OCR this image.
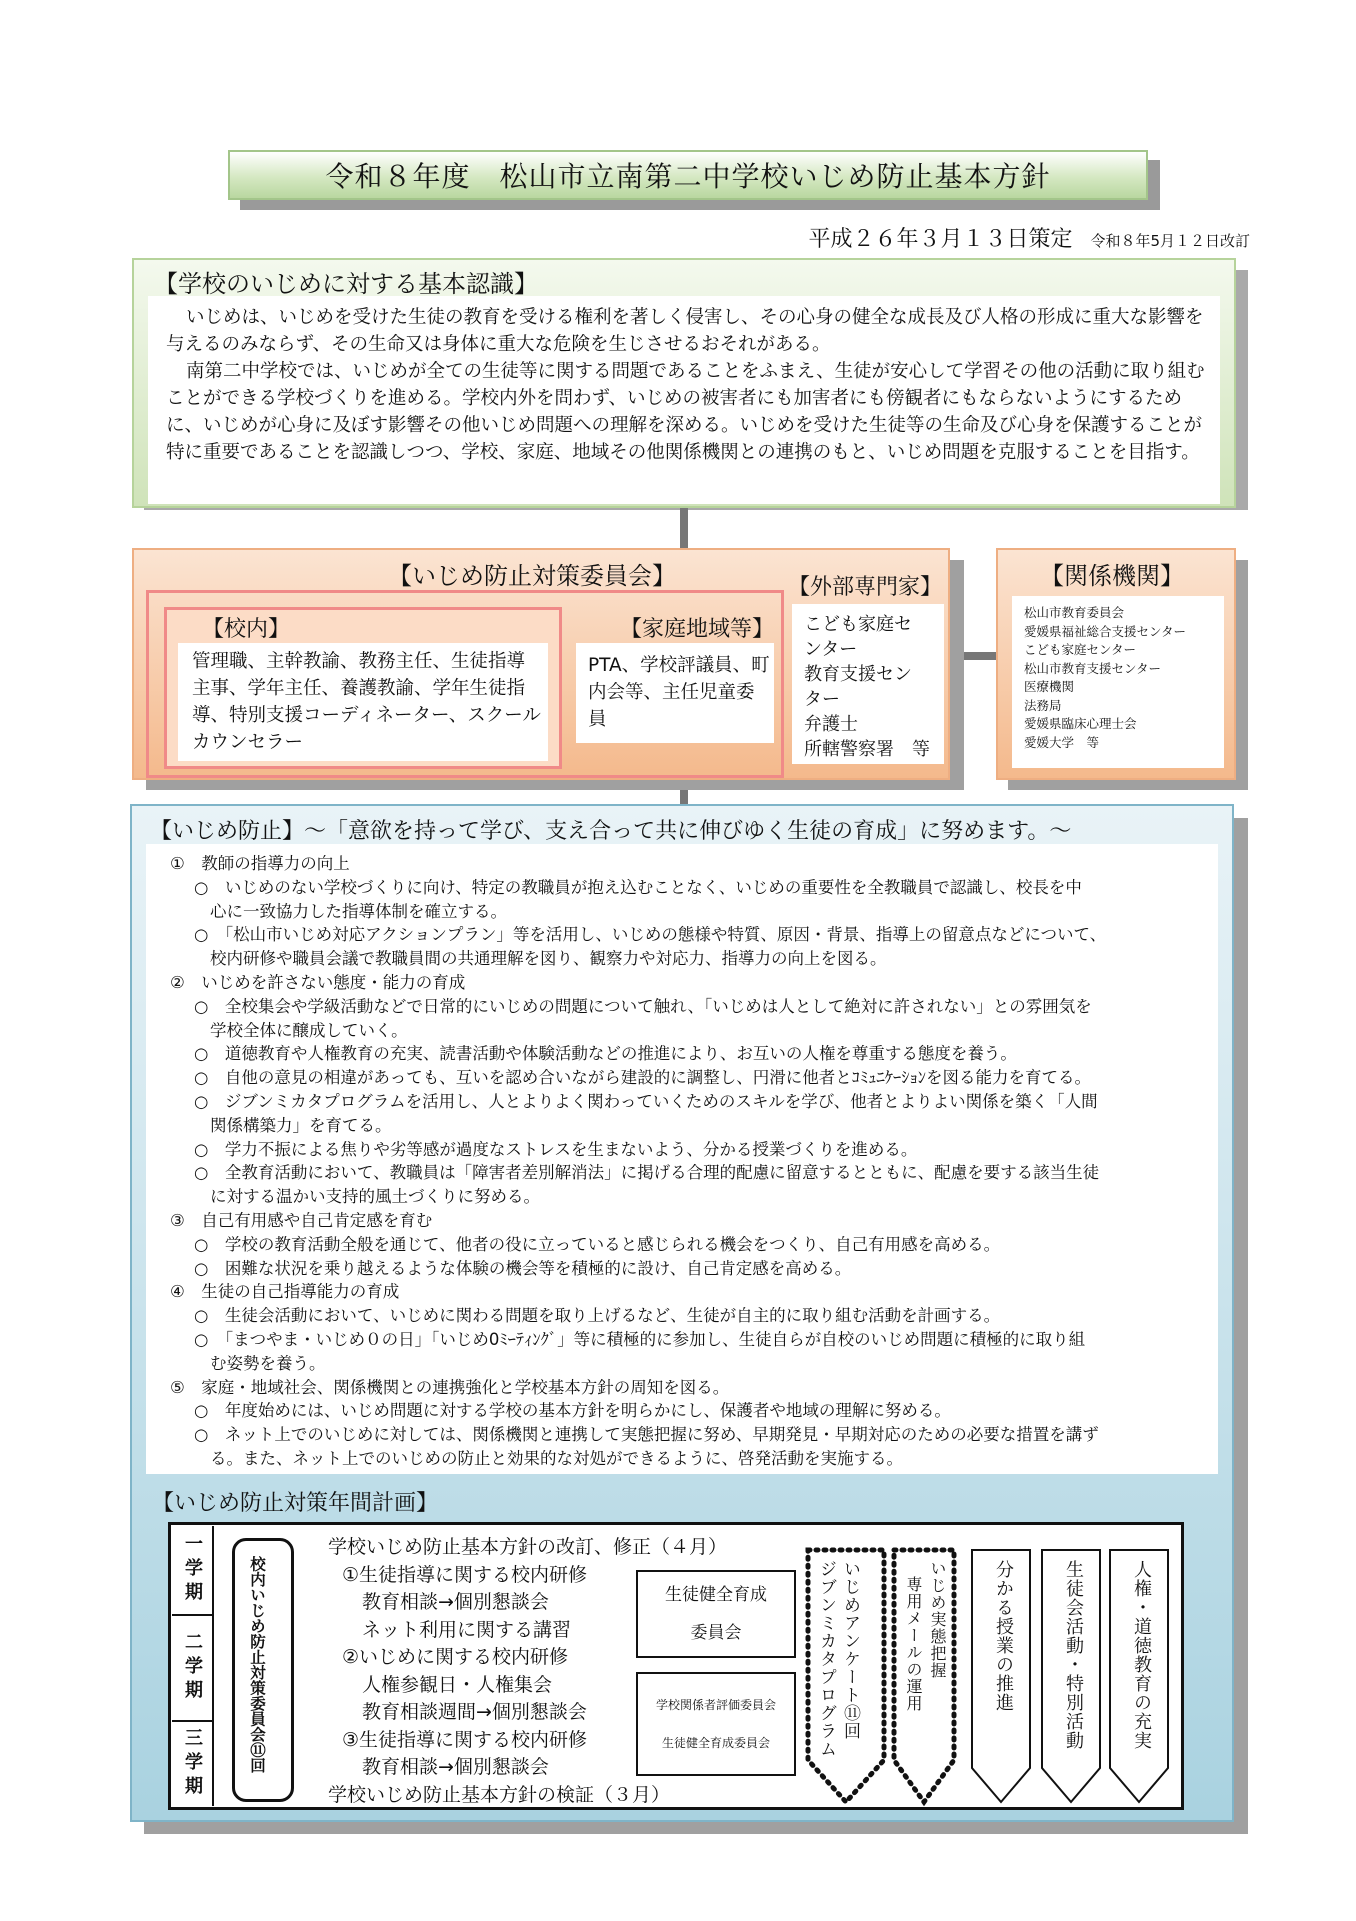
令和８年度　松山市立南第二中学校いじめ防止基本方針
平成２６年３月１３日策定 令和８年5月１２日改訂
【学校のいじめに対する基本認識】

いじめは、いじめを受けた生徒の教育を受ける権利を著しく侵害し、その心身の健全な成長及び人格の形成に重大な影響を与えるのみならず、その生命又は身体に重大な危険を生じさせるおそれがある。

南第二中学校では、いじめが全ての生徒等に関する問題であることをふまえ、生徒が安心して学習その他の活動に取り組むことができる学校づくりを進める。学校内外を問わず、いじめの被害者にも加害者にも傍観者にもならないようにするために、いじめが心身に及ぼす影響その他いじめ問題への理解を深める。いじめを受けた生徒等の生命及び心身を保護することが特に重要であることを認識しつつ、学校、家庭、地域その他関係機関との連携のもと、いじめ問題を克服することを目指す。

【いじめ防止対策委員会】
【校内】
管理職、主幹教諭、教務主任、生徒指導主事、学年主任、養護教諭、学年生徒指導、特別支援コーディネーター、スクールカウンセラー
【家庭地域等】
PTA、学校評議員、町内会等、主任児童委員
【外部専門家】
こども家庭セ
ンター
教育支援セン
ター
弁護士
所轄警察署　等
【関係機関】
松山市教育委員会
愛媛県福祉総合支援センター
こども家庭センター
松山市教育支援センター
医療機関
法務局
愛媛県臨床心理士会
愛媛大学　等
【いじめ防止】～「意欲を持って学び、支え合って共に伸びゆく生徒の育成」に努めます。～
①　教師の指導力の向上
○　いじめのない学校づくりに向け、特定の教職員が抱え込むことなく、いじめの重要性を全教職員で認識し、校長を中
心に一致協力した指導体制を確立する。
○　「松山市いじめ対応アクションプラン」等を活用し、いじめの態様や特質、原因・背景、指導上の留意点などについて、
校内研修や職員会議で教職員間の共通理解を図り、観察力や対応力、指導力の向上を図る。
②　いじめを許さない態度・能力の育成
○　全校集会や学級活動などで日常的にいじめの問題について触れ、「いじめは人として絶対に許されない」との雰囲気を
学校全体に醸成していく。
○　道徳教育や人権教育の充実、読書活動や体験活動などの推進により、お互いの人権を尊重する態度を養う。
○　自他の意見の相違があっても、互いを認め合いながら建設的に調整し、円滑に他者とｺﾐｭﾆｹｰｼｮﾝを図る能力を育てる。
○　ジブンミカタプログラムを活用し、人とよりよく関わっていくためのスキルを学び、他者とよりよい関係を築く「人間
関係構築力」を育てる。
○　学力不振による焦りや劣等感が過度なストレスを生まないよう、分かる授業づくりを進める。
○　全教育活動において、教職員は「障害者差別解消法」に掲げる合理的配慮に留意するとともに、配慮を要する該当生徒
に対する温かい支持的風土づくりに努める。
③　自己有用感や自己肯定感を育む
○　学校の教育活動全般を通じて、他者の役に立っていると感じられる機会をつくり、自己有用感を高める。
○　困難な状況を乗り越えるような体験の機会等を積極的に設け、自己肯定感を高める。
④　生徒の自己指導能力の育成
○　生徒会活動において、いじめに関わる問題を取り上げるなど、生徒が自主的に取り組む活動を計画する。
○　「まつやま・いじめ０の日」「いじめ0ﾐｰﾃｨﾝｸﾞ」等に積極的に参加し、生徒自らが自校のいじめ問題に積極的に取り組
む姿勢を養う。
⑤　家庭・地域社会、関係機関との連携強化と学校基本方針の周知を図る。
○　年度始めには、いじめ問題に対する学校の基本方針を明らかにし、保護者や地域の理解に努める。
○　ネット上でのいじめに対しては、関係機関と連携して実態把握に努め、早期発見・早期対応のための必要な措置を講ず
る。また、ネット上でのいじめの防止と効果的な対処ができるように、啓発活動を実施する。
【いじめ防止対策年間計画】
一学期
二学期
三学期	校内いじめ防止対策委員会⑪回
学校いじめ防止基本方針の改訂、修正（４月）
①生徒指導に関する校内研修
教育相談→個別懇談会
ネット利用に関する講習
②いじめに関する校内研修
人権参観日・人権集会
教育相談週間→個別懇談会
③生徒指導に関する校内研修
教育相談→個別懇談会
学校いじめ防止基本方針の検証（３月）
生徒健全育成
委員会
学校関係者評価委員会
生徒健全育成委員会
いじめアンケート⑪回
ジブンミカタプログラム	いじめ実態把握
専用メールの運用	分かる授業の推進	生徒会活動・特別活動	人権・道徳教育の充実
